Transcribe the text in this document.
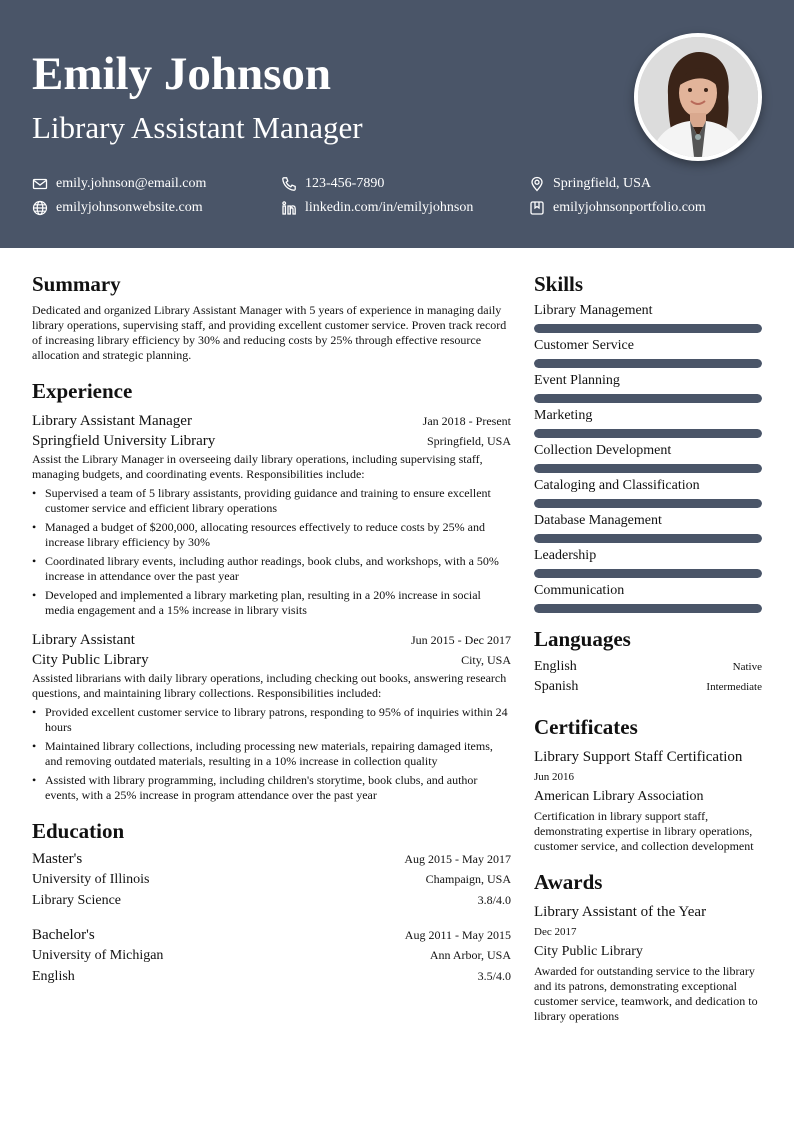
Emily Johnson
Library Assistant Manager
emily.johnson@email.com	123-456-7890	Springfield, USA
emilyjohnsonwebsite.com	linkedin.com/in/emilyjohnson	emilyjohnsonportfolio.com
Summary

Dedicated and organized Library Assistant Manager with 5 years of experience in managing daily library operations, supervising staff, and providing excellent customer service. Proven track record of increasing library efficiency by 30% and reducing costs by 25% through effective resource allocation and strategic planning.

Experience
Library Assistant Manager	Jan 2018 - Present
Springfield University Library	Springfield, USA

Assist the Library Manager in overseeing daily library operations, including supervising staff, managing budgets, and coordinating events. Responsibilities include:

• Supervised a team of 5 library assistants, providing guidance and training to ensure excellent customer service and efficient library operations
• Managed a budget of $200,000, allocating resources effectively to reduce costs by 25% and increase library efficiency by 30%
• Coordinated library events, including author readings, book clubs, and workshops, with a 50% increase in attendance over the past year
• Developed and implemented a library marketing plan, resulting in a 20% increase in social media engagement and a 15% increase in library visits
Library Assistant	Jun 2015 - Dec 2017
City Public Library	City, USA

Assisted librarians with daily library operations, including checking out books, answering research questions, and maintaining library collections. Responsibilities included:

• Provided excellent customer service to library patrons, responding to 95% of inquiries within 24 hours
• Maintained library collections, including processing new materials, repairing damaged items, and removing outdated materials, resulting in a 10% increase in collection quality
• Assisted with library programming, including children's storytime, book clubs, and author events, with a 25% increase in program attendance over the past year
Education
Master's	Aug 2015 - May 2017
University of Illinois	Champaign, USA
Library Science	3.8/4.0
Bachelor's	Aug 2011 - May 2015
University of Michigan	Ann Arbor, USA
English	3.5/4.0
Skills
Library Management
Customer Service
Event Planning
Marketing
Collection Development
Cataloging and Classification
Database Management
Leadership
Communication
Languages
English	Native
Spanish	Intermediate
Certificates
Library Support Staff Certification
Jun 2016
American Library Association

Certification in library support staff, demonstrating expertise in library operations, customer service, and collection development

Awards
Library Assistant of the Year
Dec 2017
City Public Library

Awarded for outstanding service to the library and its patrons, demonstrating exceptional customer service, teamwork, and dedication to library operations
